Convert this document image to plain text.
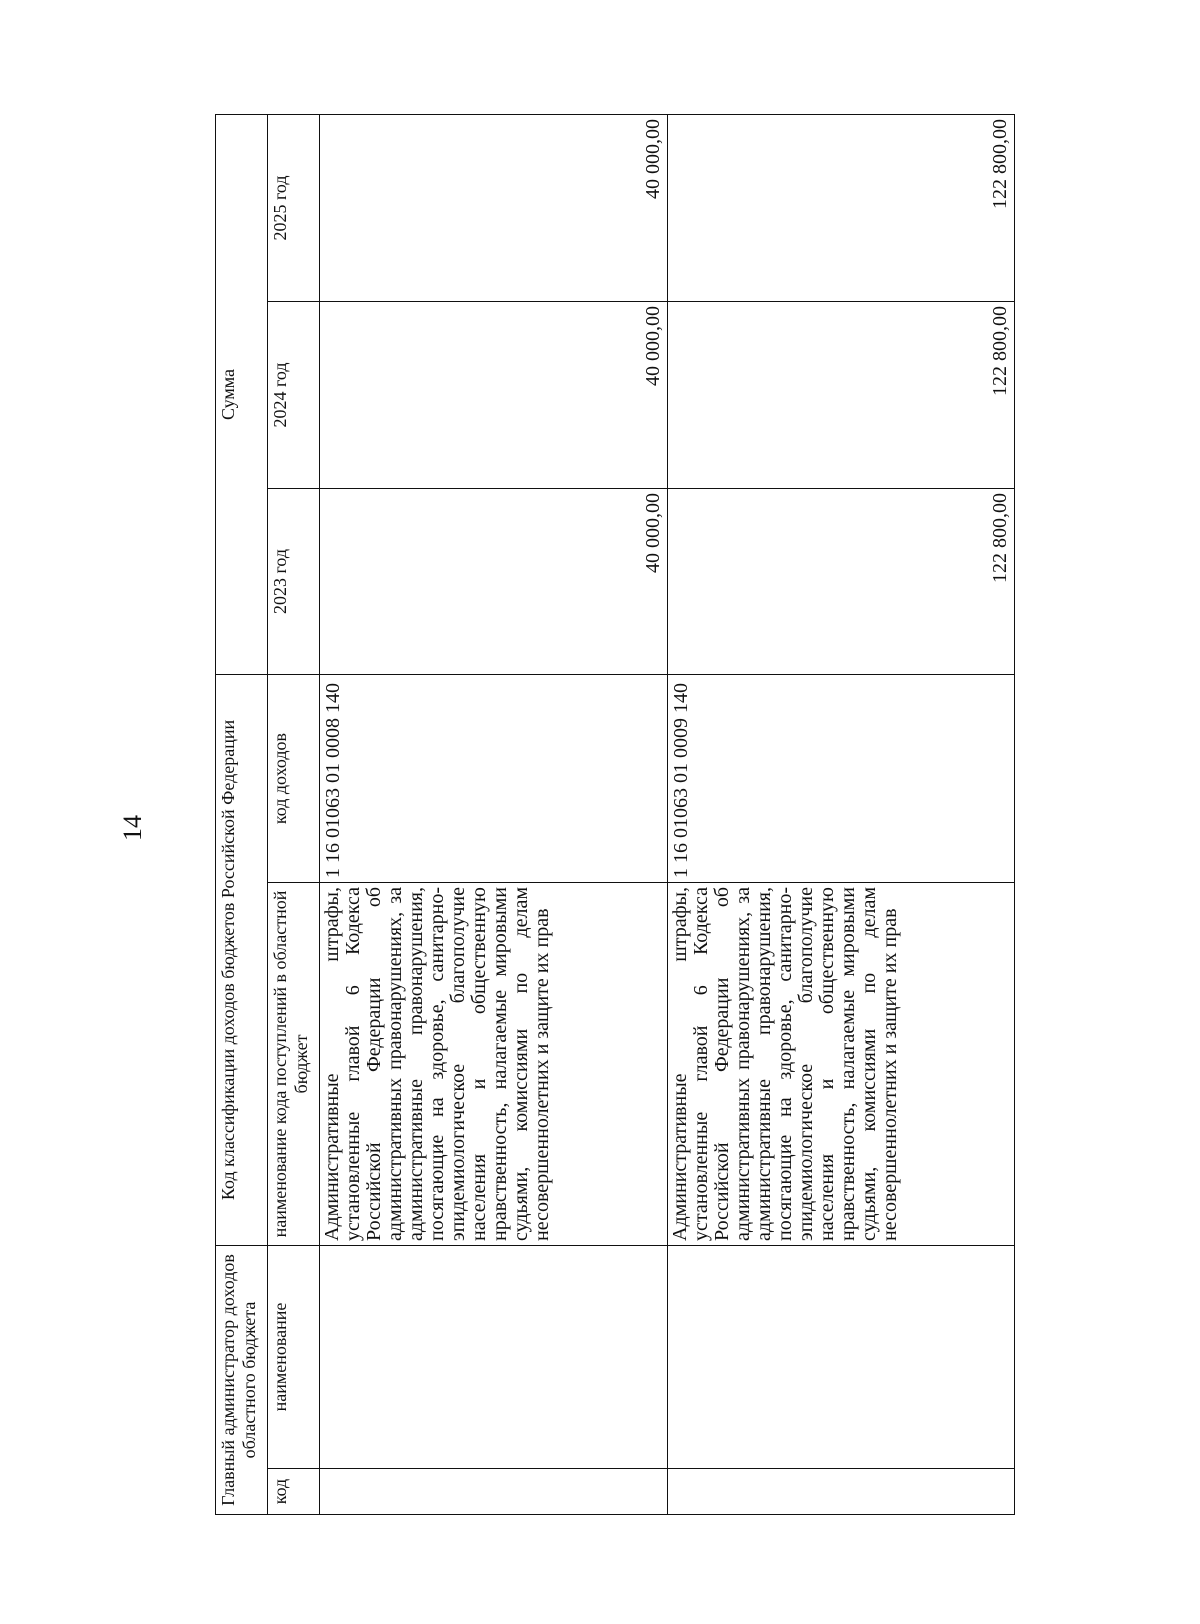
14
Главный администратор доходов областного бюджета		Код классификации доходов бюджетов Российской Федерации		Сумма		
код	наименование	наименование кода поступлений в областной бюджет	код доходов	2023 год	2024 год	2025 год
		Административные штрафы, установленные главой 6 Кодекса Российской Федерации об административных правонарушениях, за административные правонарушения, посягающие на здоровье, санитарно-эпидемиологическое благополучие населения и общественную нравственность, налагаемые мировыми судьями, комиссиями по делам несовершеннолетних и защите их прав	1 16 01063 01 0008 140	40 000,00	40 000,00	40 000,00
		Административные штрафы, установленные главой 6 Кодекса Российской Федерации об административных правонарушениях, за административные правонарушения, посягающие на здоровье, санитарно-эпидемиологическое благополучие населения и общественную нравственность, налагаемые мировыми судьями, комиссиями по делам несовершеннолетних и защите их прав	1 16 01063 01 0009 140	122 800,00	122 800,00	122 800,00
